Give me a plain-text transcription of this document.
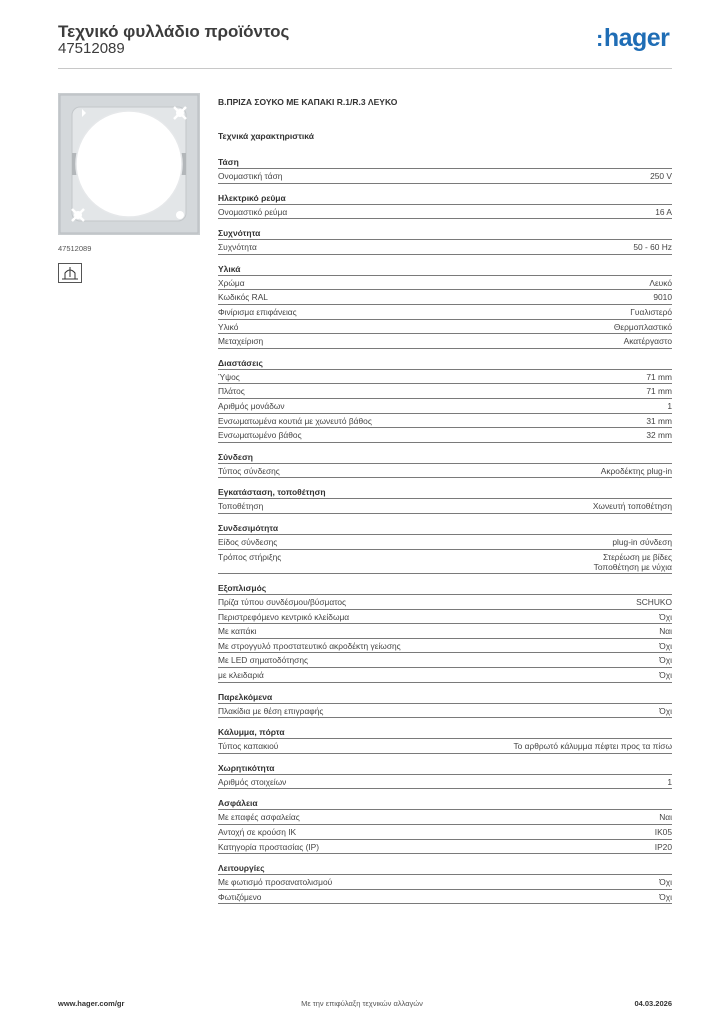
Τεχνικό φυλλάδιο προϊόντος
47512089	:hager
47512089
Β.ΠΡΙΖΑ ΣΟΥΚΟ ΜΕ ΚΑΠΑΚΙ R.1/R.3 ΛΕΥΚΟ
Τεχνικά χαρακτηριστικά
Τάση
Ονομαστική τάση	250 V
Ηλεκτρικό ρεύμα
Ονομαστικό ρεύμα	16 A
Συχνότητα
Συχνότητα	50 - 60 Hz
Υλικά
Χρώμα	Λευκό
Κωδικός RAL	9010
Φινίρισμα επιφάνειας	Γυαλιστερό
Υλικό	Θερμοπλαστικό
Μεταχείριση	Ακατέργαστο
Διαστάσεις
Ύψος	71 mm
Πλάτος	71 mm
Αριθμός μονάδων	1
Ενσωματωμένα κουτιά με χωνευτό βάθος	31 mm
Ενσωματωμένο βάθος	32 mm
Σύνδεση
Τύπος σύνδεσης	Ακροδέκτης plug-in
Εγκατάσταση, τοποθέτηση
Τοποθέτηση	Χωνευτή τοποθέτηση
Συνδεσιμότητα
Είδος σύνδεσης	plug-in σύνδεση
Τρόπος στήριξης	Στερέωση με βίδες
Τοποθέτηση με νύχια
Εξοπλισμός
Πρίζα τύπου συνδέσμου/βύσματος	SCHUKO
Περιστρεφόμενο κεντρικό κλείδωμα	Όχι
Με καπάκι	Ναι
Με στρογγυλό προστατευτικό ακροδέκτη γείωσης	Όχι
Με LED σηματοδότησης	Όχι
με κλειδαριά	Όχι
Παρελκόμενα
Πλακίδια με θέση επιγραφής	Όχι
Κάλυμμα, πόρτα
Τύπος καπακιού	Το αρθρωτό κάλυμμα πέφτει προς τα πίσω
Χωρητικότητα
Αριθμός στοιχείων	1
Ασφάλεια
Με επαφές ασφαλείας	Ναι
Αντοχή σε κρούση IK	IK05
Κατηγορία προστασίας (IP)	IP20
Λειτουργίες
Με φωτισμό προσανατολισμού	Όχι
Φωτιζόμενο	Όχι
www.hager.com/gr	Με την επιφύλαξη τεχνικών αλλαγών	04.03.2026
